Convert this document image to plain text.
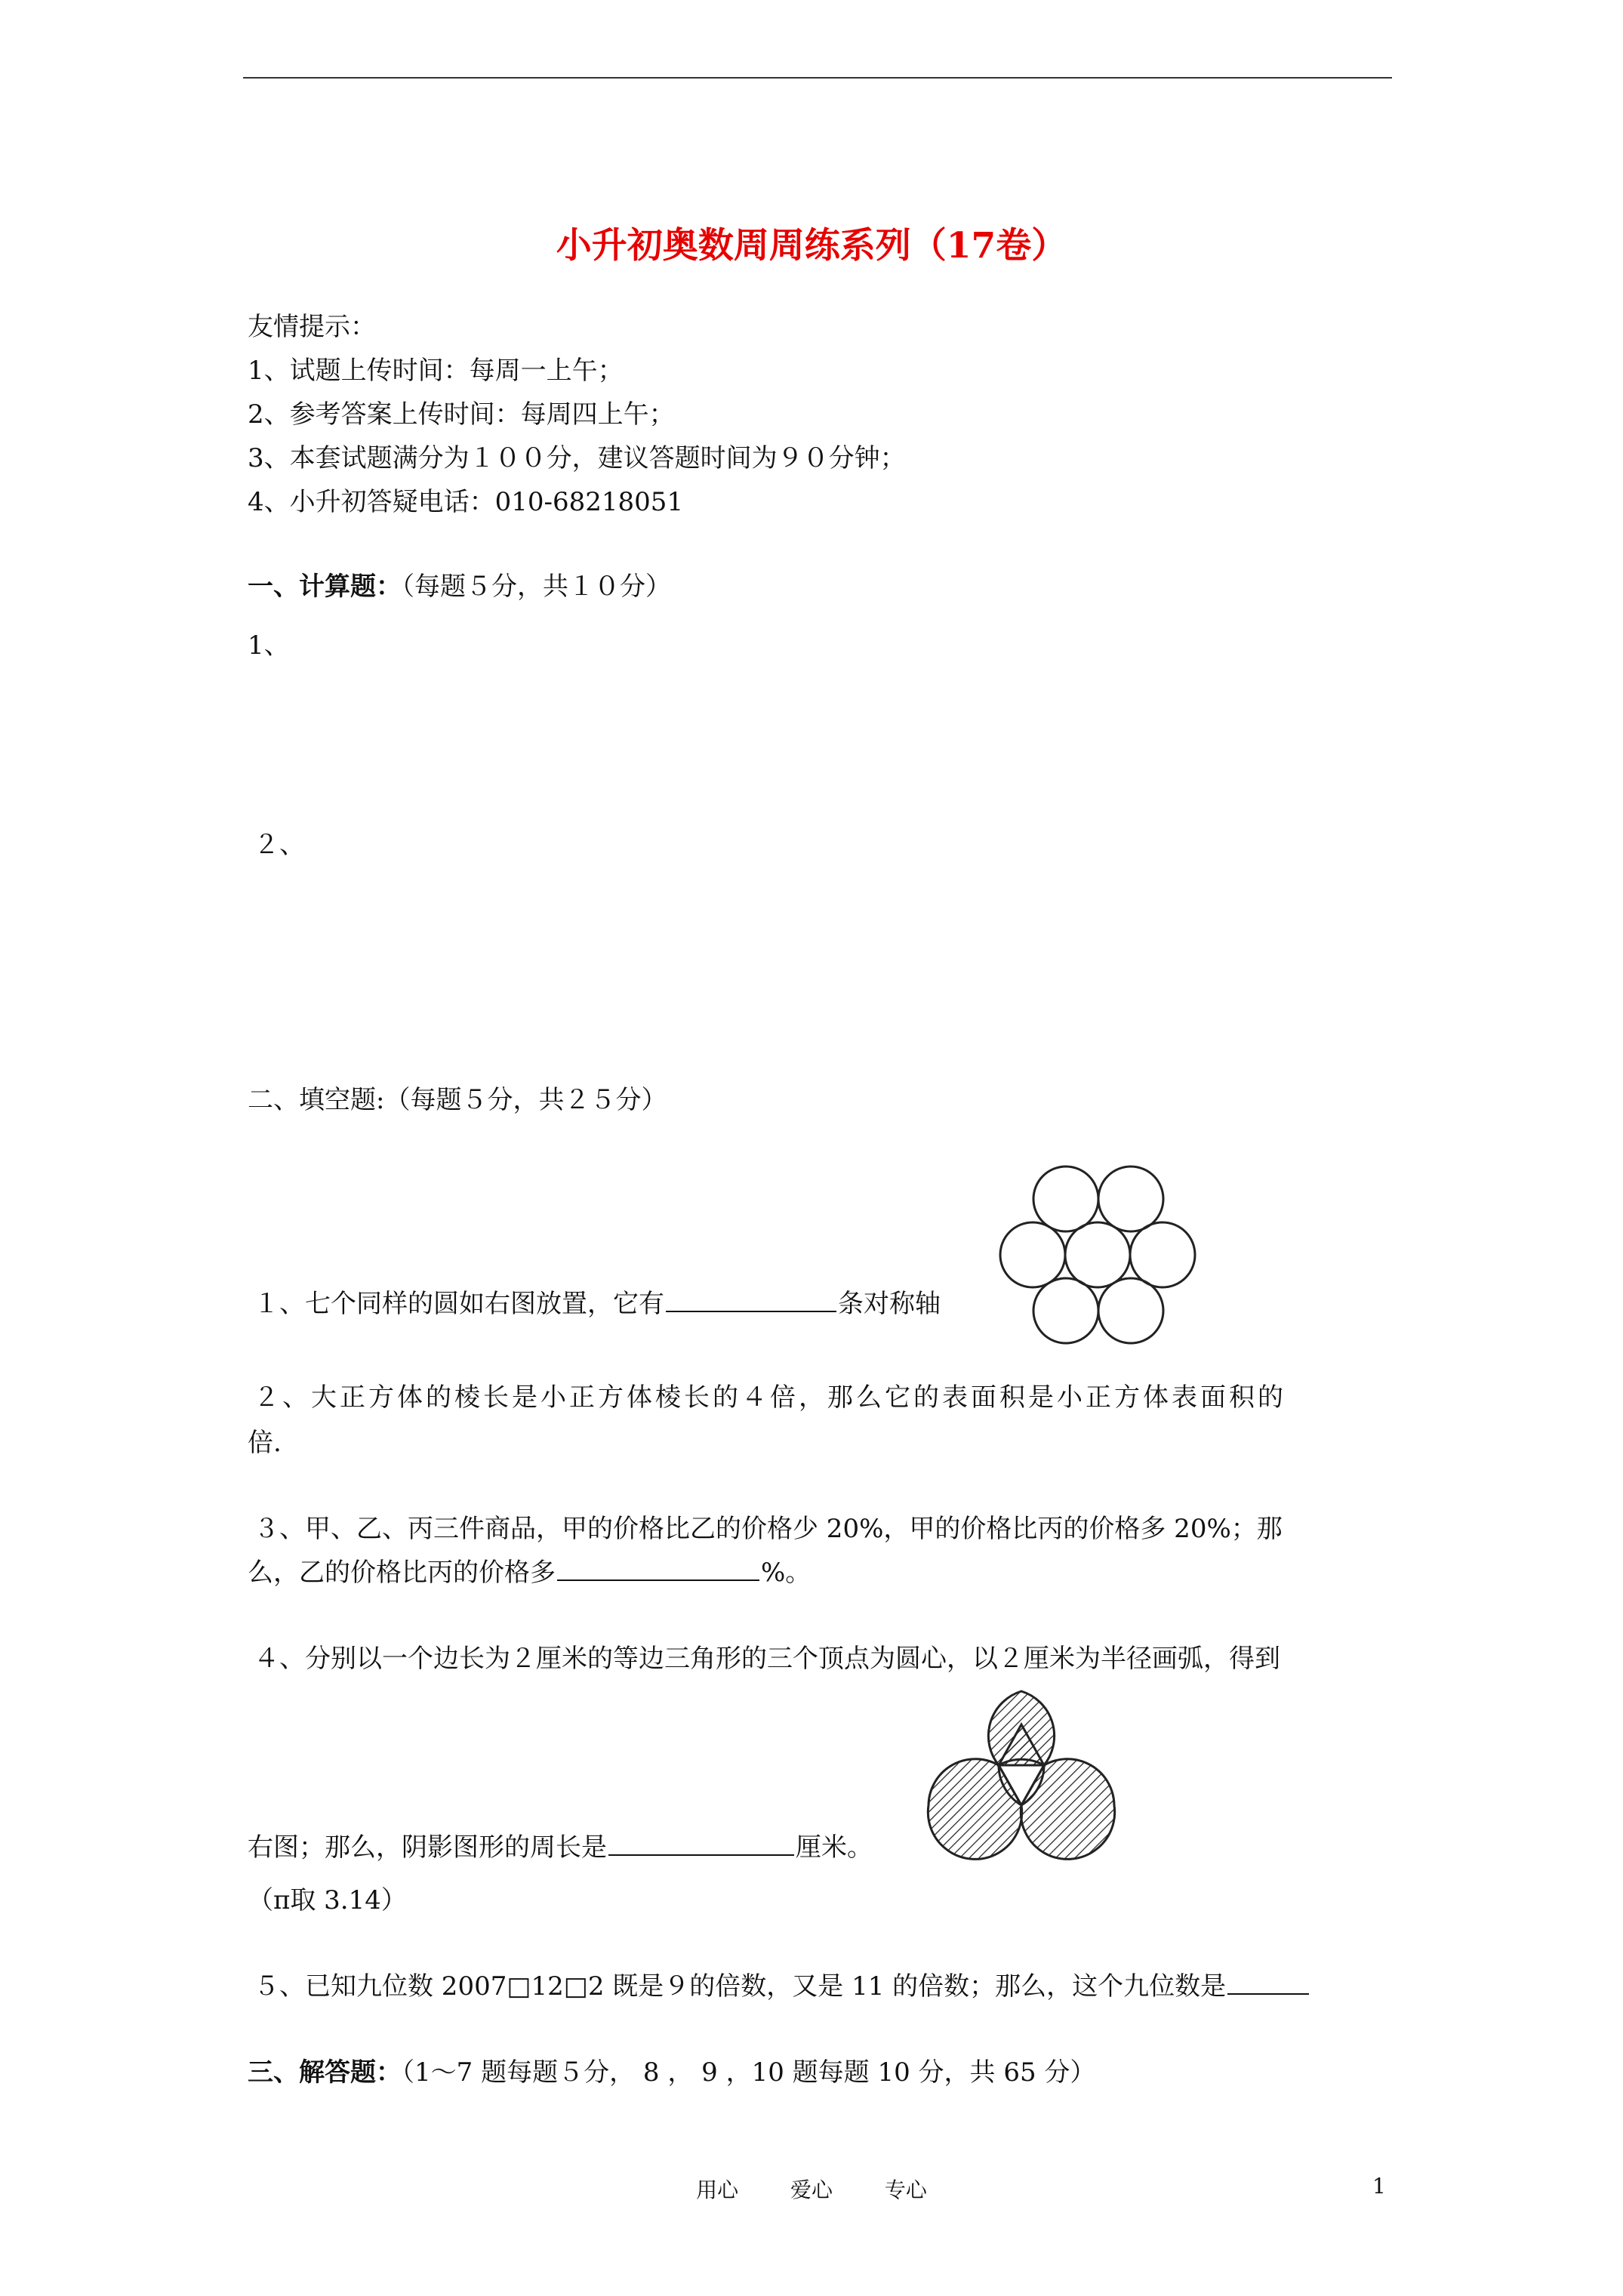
小升初奥数周周练系列（17卷）
友情提示：
1、试题上传时间：每周一上午；
2、参考答案上传时间：每周四上午；
3、本套试题满分为１００分，建议答题时间为９０分钟；
4、小升初答疑电话：010-68218051
一、计算题：（每题５分，共１０分）
1、
２、
二、填空题:（每题５分，共２５分）
１、七个同样的圆如右图放置，它有	条对称轴
２、大正方体的棱长是小正方体棱长的４倍，那么它的表面积是小正方体表面积的
倍.
３、甲、乙、丙三件商品，甲的价格比乙的价格少 20%，甲的价格比丙的价格多 20%；那
么，乙的价格比丙的价格多	%。
４、分别以一个边长为２厘米的等边三角形的三个顶点为圆心，以２厘米为半径画弧，得到
右图；那么，阴影图形的周长是	厘米。
（π取 3.14）
５、已知九位数 2007□12□2 既是９的倍数，又是 11 的倍数；那么，这个九位数是
三、解答题：（1～7 题每题５分， 8 ， 9 ，10 题每题 10 分，共 65 分）
用心 爱心 专心	1
